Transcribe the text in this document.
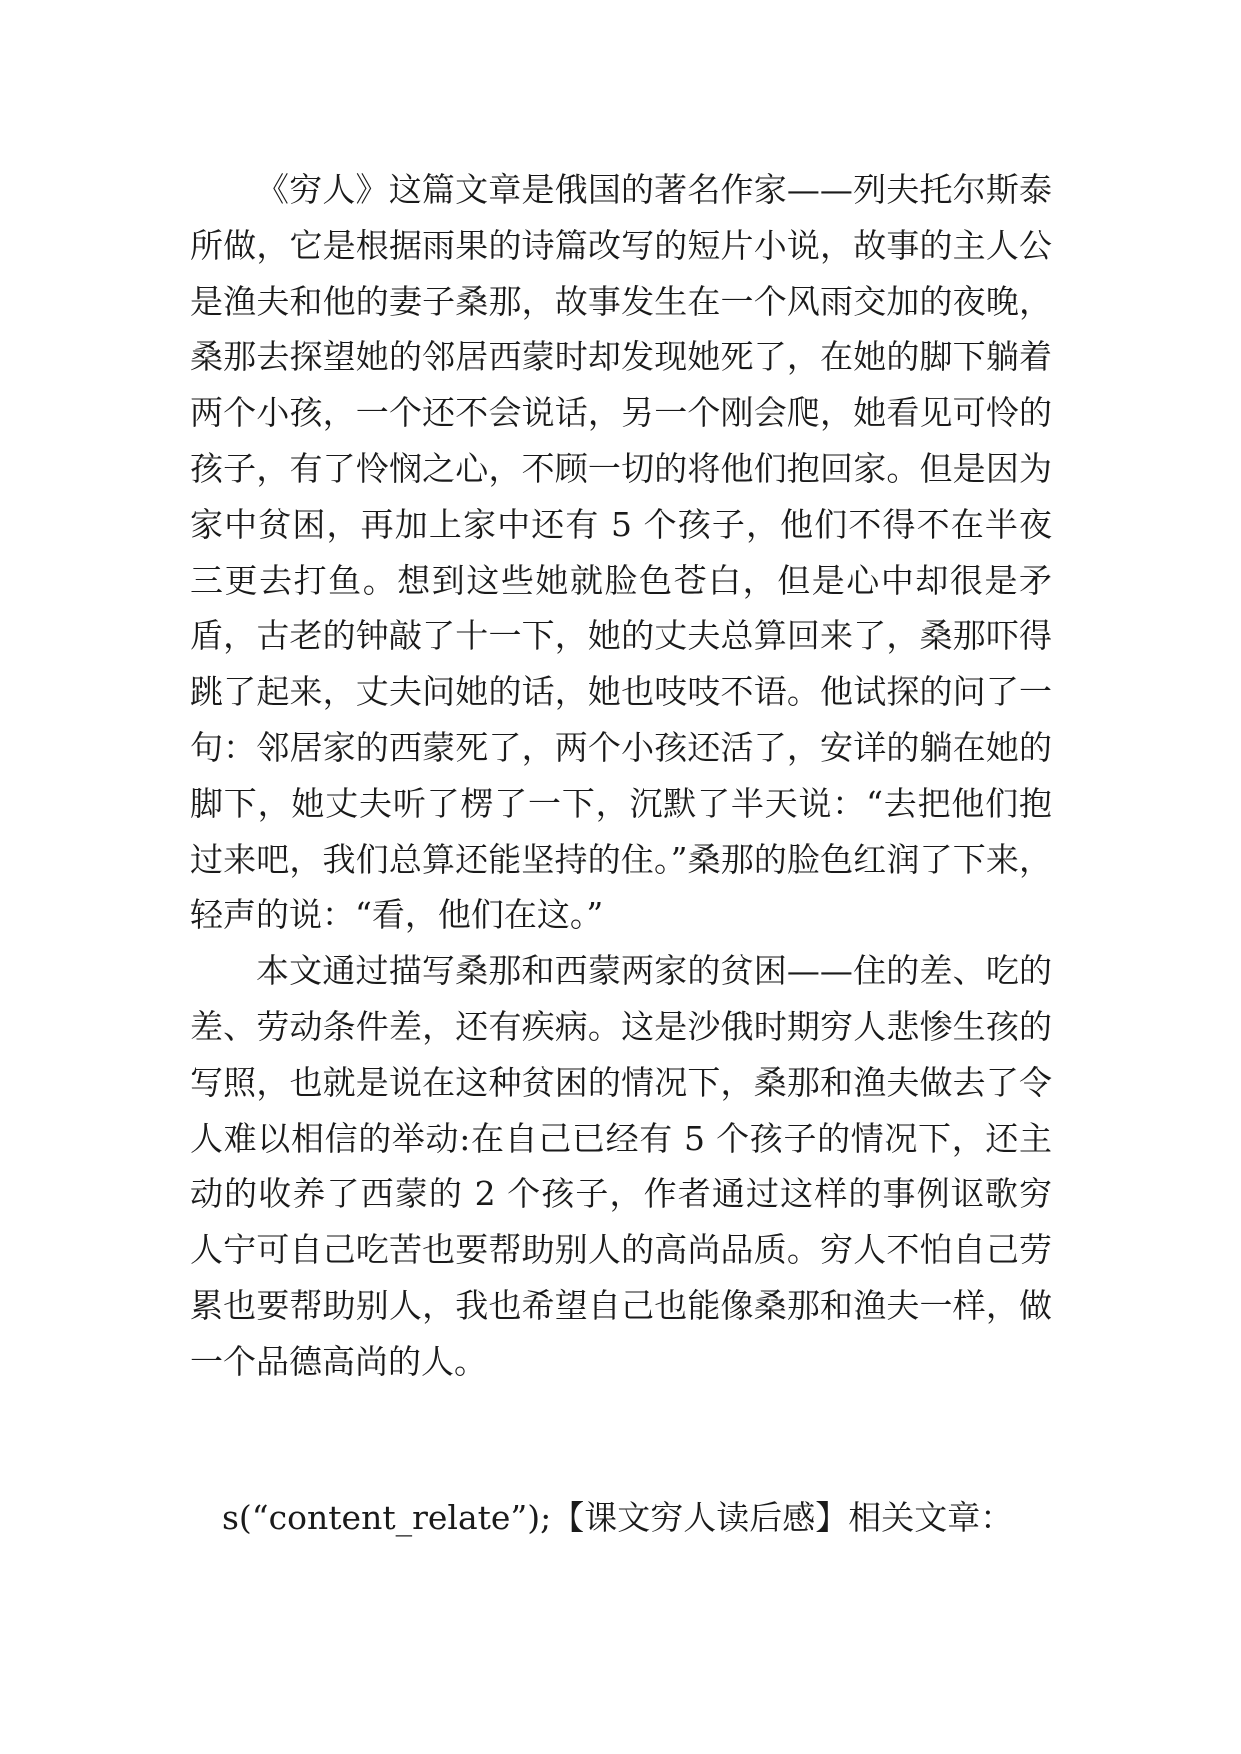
《穷人》这篇文章是俄国的著名作家——列夫托尔斯泰所做，它是根据雨果的诗篇改写的短片小说，故事的主人公是渔夫和他的妻子桑那，故事发生在一个风雨交加的夜晚，桑那去探望她的邻居西蒙时却发现她死了，在她的脚下躺着两个小孩，一个还不会说话，另一个刚会爬，她看见可怜的孩子，有了怜悯之心，不顾一切的将他们抱回家。但是因为家中贫困，再加上家中还有 5 个孩子，他们不得不在半夜三更去打鱼。想到这些她就脸色苍白，但是心中却很是矛盾，古老的钟敲了十一下，她的丈夫总算回来了，桑那吓得跳了起来，丈夫问她的话，她也吱吱不语。他试探的问了一句：邻居家的西蒙死了，两个小孩还活了，安详的躺在她的脚下，她丈夫听了楞了一下，沉默了半天说：“去把他们抱过来吧，我们总算还能坚持的住。”桑那的脸色红润了下来，轻声的说：“看，他们在这。”

本文通过描写桑那和西蒙两家的贫困——住的差、吃的差、劳动条件差，还有疾病。这是沙俄时期穷人悲惨生孩的写照，也就是说在这种贫困的情况下，桑那和渔夫做去了令人难以相信的举动:在自己已经有 5 个孩子的情况下，还主动的收养了西蒙的 2 个孩子，作者通过这样的事例讴歌穷人宁可自己吃苦也要帮助别人的高尚品质。穷人不怕自己劳累也要帮助别人，我也希望自己也能像桑那和渔夫一样，做一个品德高尚的人。

s(“content_relate”);【课文穷人读后感】相关文章：
